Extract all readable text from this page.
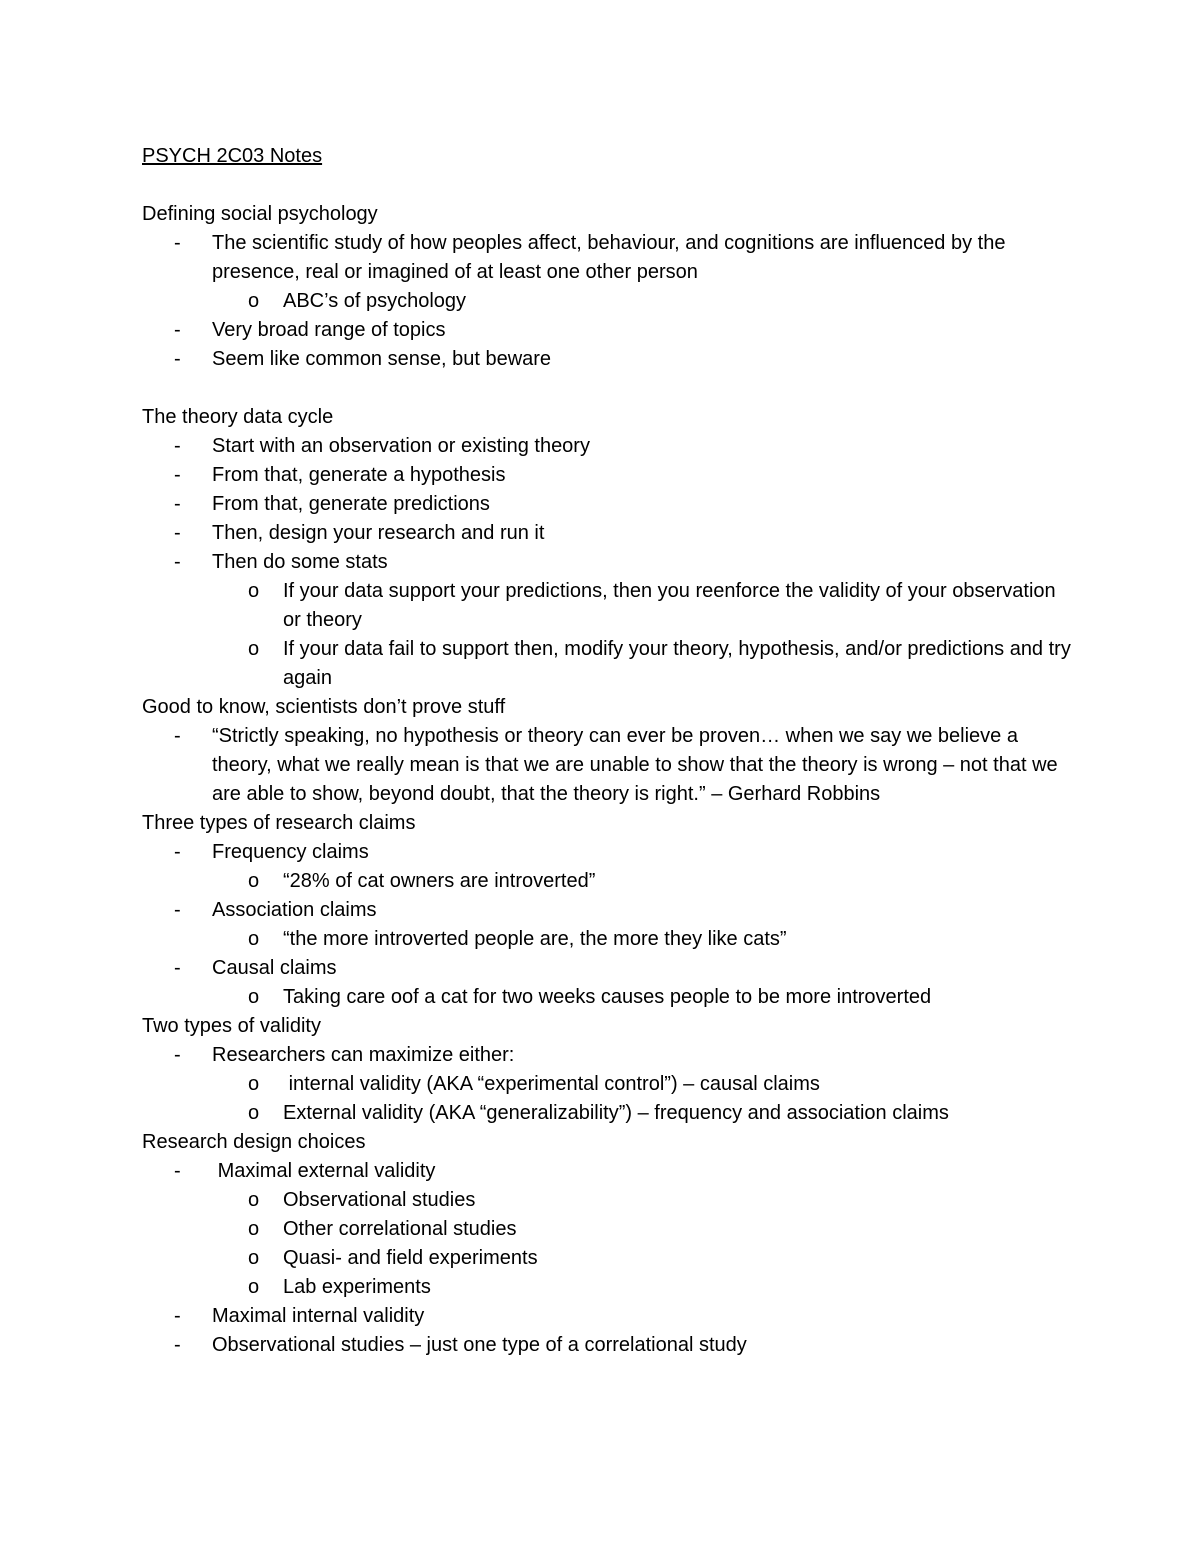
PSYCH 2C03 Notes
Defining social psychology
-	The scientific study of how peoples affect, behaviour, and cognitions are influenced by the presence, real or imagined of at least one other person
o	ABC’s of psychology
-	Very broad range of topics
-	Seem like common sense, but beware
The theory data cycle
-	Start with an observation or existing theory
-	From that, generate a hypothesis
-	From that, generate predictions
-	Then, design your research and run it
-	Then do some stats
o	If your data support your predictions, then you reenforce the validity of your observation or theory
o	If your data fail to support then, modify your theory, hypothesis, and/or predictions and try again
Good to know, scientists don’t prove stuff
-	“Strictly speaking, no hypothesis or theory can ever be proven… when we say we believe a theory, what we really mean is that we are unable to show that the theory is wrong – not that we are able to show, beyond doubt, that the theory is right.” – Gerhard Robbins
Three types of research claims
-	Frequency claims
o	“28% of cat owners are introverted”
-	Association claims
o	“the more introverted people are, the more they like cats”
-	Causal claims
o	Taking care oof a cat for two weeks causes people to be more introverted
Two types of validity
-	Researchers can maximize either:
o	internal validity (AKA “experimental control”) – causal claims
o	External validity (AKA “generalizability”) – frequency and association claims
Research design choices
-	Maximal external validity
o	Observational studies
o	Other correlational studies
o	Quasi- and field experiments
o	Lab experiments
-	Maximal internal validity
-	Observational studies – just one type of a correlational study
